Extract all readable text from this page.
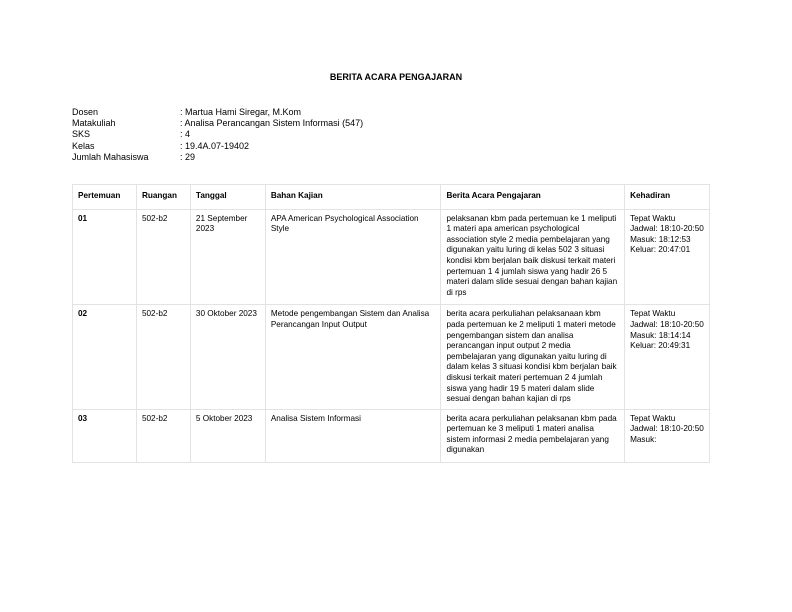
BERITA ACARA PENGAJARAN
Dosen	: Martua Hami Siregar, M.Kom
Matakuliah	: Analisa Perancangan Sistem Informasi (547)
SKS	: 4
Kelas	: 19.4A.07-19402
Jumlah Mahasiswa	: 29
Pertemuan	Ruangan	Tanggal	Bahan Kajian	Berita Acara Pengajaran	Kehadiran
01	502-b2	21 September 2023	APA American Psychological Association Style	pelaksanan kbm pada pertemuan ke 1 meliputi 1 materi apa american psychological association style 2 media pembelajaran yang digunakan yaitu luring di kelas 502 3 situasi kondisi kbm berjalan baik diskusi terkait materi pertemuan 1 4 jumlah siswa yang hadir 26 5 materi dalam slide sesuai dengan bahan kajian di rps	Tepat Waktu Jadwal: 18:10-20:50 Masuk: 18:12:53 Keluar: 20:47:01
02	502-b2	30 Oktober 2023	Metode pengembangan Sistem dan Analisa Perancangan Input Output	berita acara perkuliahan pelaksanaan kbm pada pertemuan ke 2 meliputi 1 materi metode pengembangan sistem dan analisa perancangan input output 2 media pembelajaran yang digunakan yaitu luring di dalam kelas 3 situasi kondisi kbm berjalan baik diskusi terkait materi pertemuan 2 4 jumlah siswa yang hadir 19 5 materi dalam slide sesuai dengan bahan kajian di rps	Tepat Waktu Jadwal: 18:10-20:50 Masuk: 18:14:14 Keluar: 20:49:31
03	502-b2	5 Oktober 2023	Analisa Sistem Informasi	berita acara perkuliahan pelaksanan kbm pada pertemuan ke 3 meliputi 1 materi analisa sistem informasi 2 media pembelajaran yang digunakan	Tepat Waktu Jadwal: 18:10-20:50 Masuk:
